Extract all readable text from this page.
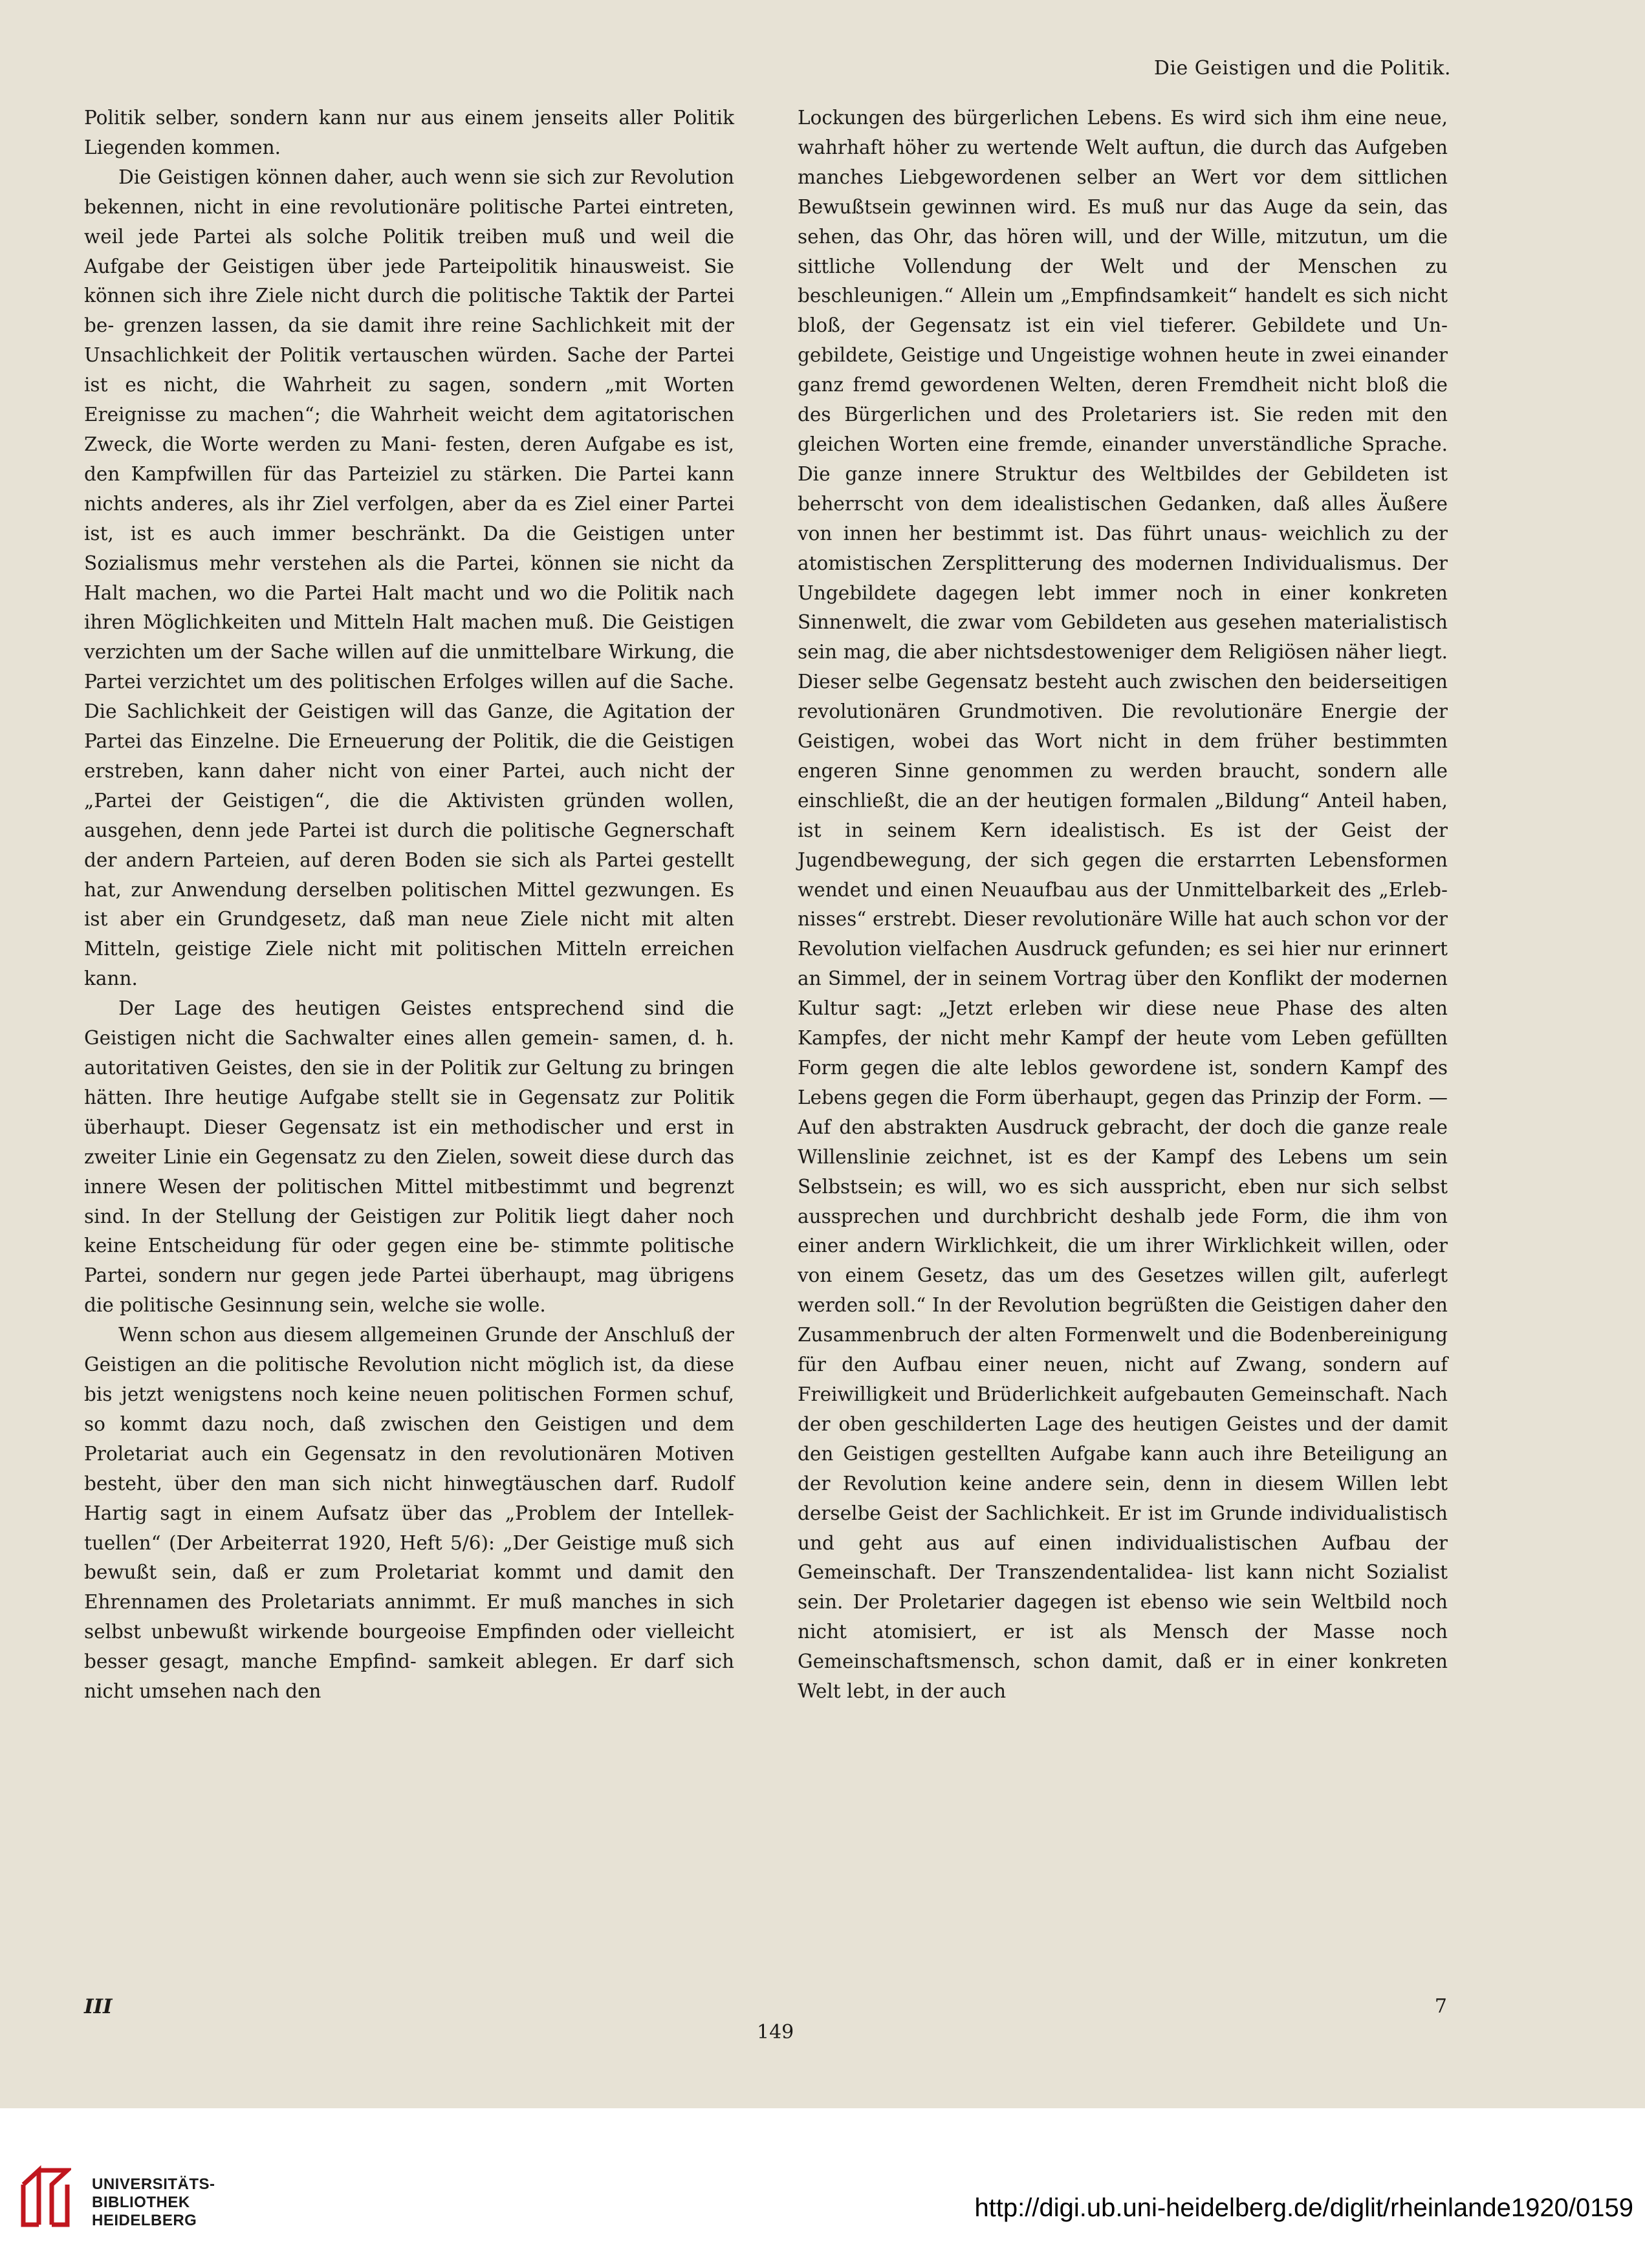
Die Geistigen und die Politik.

Politik selber, sondern kann nur aus einem jenseits aller Politik Liegenden kommen.

Die Geistigen können daher, auch wenn sie sich zur Revolution bekennen, nicht in eine revolutionäre politische Partei eintreten, weil jede Partei als solche Politik treiben muß und weil die Aufgabe der Geistigen über jede Parteipolitik hinausweist. Sie können sich ihre Ziele nicht durch die politische Taktik der Partei be- grenzen lassen, da sie damit ihre reine Sachlichkeit mit der Unsachlichkeit der Politik vertauschen würden. Sache der Partei ist es nicht, die Wahrheit zu sagen, sondern „mit Worten Ereignisse zu machen“; die Wahrheit weicht dem agitatorischen Zweck, die Worte werden zu Mani- festen, deren Aufgabe es ist, den Kampfwillen für das Parteiziel zu stärken. Die Partei kann nichts anderes, als ihr Ziel verfolgen, aber da es Ziel einer Partei ist, ist es auch immer beschränkt. Da die Geistigen unter Sozialismus mehr verstehen als die Partei, können sie nicht da Halt machen, wo die Partei Halt macht und wo die Politik nach ihren Möglichkeiten und Mitteln Halt machen muß. Die Geistigen verzichten um der Sache willen auf die unmittelbare Wirkung, die Partei verzichtet um des politischen Erfolges willen auf die Sache. Die Sachlichkeit der Geistigen will das Ganze, die Agitation der Partei das Einzelne. Die Erneuerung der Politik, die die Geistigen erstreben, kann daher nicht von einer Partei, auch nicht der „Partei der Geistigen“, die die Aktivisten gründen wollen, ausgehen, denn jede Partei ist durch die politische Gegnerschaft der andern Parteien, auf deren Boden sie sich als Partei gestellt hat, zur Anwendung derselben politischen Mittel gezwungen. Es ist aber ein Grundgesetz, daß man neue Ziele nicht mit alten Mitteln, geistige Ziele nicht mit politischen Mitteln erreichen kann.

Der Lage des heutigen Geistes entsprechend sind die Geistigen nicht die Sachwalter eines allen gemein- samen, d. h. autoritativen Geistes, den sie in der Politik zur Geltung zu bringen hätten. Ihre heutige Aufgabe stellt sie in Gegensatz zur Politik überhaupt. Dieser Gegensatz ist ein methodischer und erst in zweiter Linie ein Gegensatz zu den Zielen, soweit diese durch das innere Wesen der politischen Mittel mitbestimmt und begrenzt sind. In der Stellung der Geistigen zur Politik liegt daher noch keine Entscheidung für oder gegen eine be- stimmte politische Partei, sondern nur gegen jede Partei überhaupt, mag übrigens die politische Gesinnung sein, welche sie wolle.

Wenn schon aus diesem allgemeinen Grunde der Anschluß der Geistigen an die politische Revolution nicht möglich ist, da diese bis jetzt wenigstens noch keine neuen politischen Formen schuf, so kommt dazu noch, daß zwischen den Geistigen und dem Proletariat auch ein Gegensatz in den revolutionären Motiven besteht, über den man sich nicht hinwegtäuschen darf. Rudolf Hartig sagt in einem Aufsatz über das „Problem der Intellek- tuellen“ (Der Arbeiterrat 1920, Heft 5/6): „Der Geistige muß sich bewußt sein, daß er zum Proletariat kommt und damit den Ehrennamen des Proletariats annimmt. Er muß manches in sich selbst unbewußt wirkende bourgeoise Empfinden oder vielleicht besser gesagt, manche Empfind- samkeit ablegen. Er darf sich nicht umsehen nach den

Lockungen des bürgerlichen Lebens. Es wird sich ihm eine neue, wahrhaft höher zu wertende Welt auftun, die durch das Aufgeben manches Liebgewordenen selber an Wert vor dem sittlichen Bewußtsein gewinnen wird. Es muß nur das Auge da sein, das sehen, das Ohr, das hören will, und der Wille, mitzutun, um die sittliche Vollendung der Welt und der Menschen zu beschleunigen.“ Allein um „Empfindsamkeit“ handelt es sich nicht bloß, der Gegensatz ist ein viel tieferer. Gebildete und Un- gebildete, Geistige und Ungeistige wohnen heute in zwei einander ganz fremd gewordenen Welten, deren Fremdheit nicht bloß die des Bürgerlichen und des Proletariers ist. Sie reden mit den gleichen Worten eine fremde, einander unverständliche Sprache. Die ganze innere Struktur des Weltbildes der Gebildeten ist beherrscht von dem idealistischen Gedanken, daß alles Äußere von innen her bestimmt ist. Das führt unaus- weichlich zu der atomistischen Zersplitterung des modernen Individualismus. Der Ungebildete dagegen lebt immer noch in einer konkreten Sinnenwelt, die zwar vom Gebildeten aus gesehen materialistisch sein mag, die aber nichtsdestoweniger dem Religiösen näher liegt. Dieser selbe Gegensatz besteht auch zwischen den beiderseitigen revolutionären Grundmotiven. Die revolutionäre Energie der Geistigen, wobei das Wort nicht in dem früher bestimmten engeren Sinne genommen zu werden braucht, sondern alle einschließt, die an der heutigen formalen „Bildung“ Anteil haben, ist in seinem Kern idealistisch. Es ist der Geist der Jugendbewegung, der sich gegen die erstarrten Lebensformen wendet und einen Neuaufbau aus der Unmittelbarkeit des „Erleb- nisses“ erstrebt. Dieser revolutionäre Wille hat auch schon vor der Revolution vielfachen Ausdruck gefunden; es sei hier nur erinnert an Simmel, der in seinem Vortrag über den Konflikt der modernen Kultur sagt: „Jetzt erleben wir diese neue Phase des alten Kampfes, der nicht mehr Kampf der heute vom Leben gefüllten Form gegen die alte leblos gewordene ist, sondern Kampf des Lebens gegen die Form überhaupt, gegen das Prinzip der Form. — Auf den abstrakten Ausdruck gebracht, der doch die ganze reale Willenslinie zeichnet, ist es der Kampf des Lebens um sein Selbstsein; es will, wo es sich ausspricht, eben nur sich selbst aussprechen und durchbricht deshalb jede Form, die ihm von einer andern Wirklichkeit, die um ihrer Wirklichkeit willen, oder von einem Gesetz, das um des Gesetzes willen gilt, auferlegt werden soll.“ In der Revolution begrüßten die Geistigen daher den Zusammenbruch der alten Formenwelt und die Bodenbereinigung für den Aufbau einer neuen, nicht auf Zwang, sondern auf Freiwilligkeit und Brüderlichkeit aufgebauten Gemeinschaft. Nach der oben geschilderten Lage des heutigen Geistes und der damit den Geistigen gestellten Aufgabe kann auch ihre Beteiligung an der Revolution keine andere sein, denn in diesem Willen lebt derselbe Geist der Sachlichkeit. Er ist im Grunde individualistisch und geht aus auf einen individualistischen Aufbau der Gemeinschaft. Der Transzendentalidea- list kann nicht Sozialist sein. Der Proletarier dagegen ist ebenso wie sein Weltbild noch nicht atomisiert, er ist als Mensch der Masse noch Gemeinschaftsmensch, schon damit, daß er in einer konkreten Welt lebt, in der auch

III	7
149
UNIVERSITÄTS-
BIBLIOTHEK
HEIDELBERG	http://digi.ub.uni-heidelberg.de/diglit/rheinlande1920/0159
